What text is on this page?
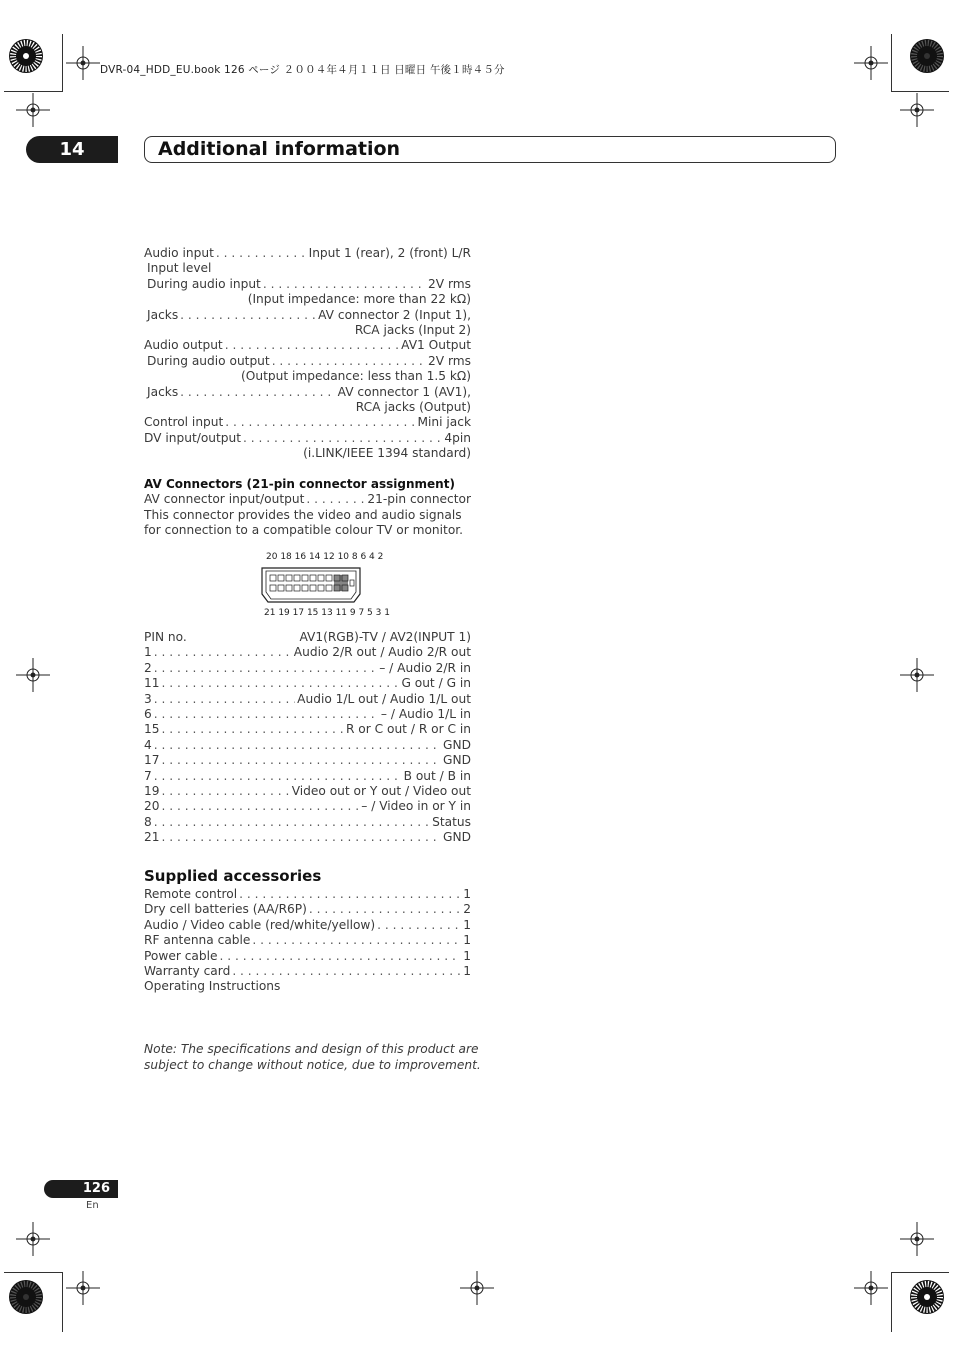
DVR-04_HDD_EU.book 126 ページ ２００４年４月１１日 日曜日 午後１時４５分
14	Additional information
Audio input . . .	Input 1 (rear), 2 (front) L/R
Input level
During audio input . . .	2V rms
(Input impedance: more than 22 kΩ)
Jacks . . .	AV connector 2 (Input 1),
RCA jacks (Input 2)
Audio output . . .	AV1 Output
During audio output . . .	2V rms
(Output impedance: less than 1.5 kΩ)
Jacks . . .	AV connector 1 (AV1),
RCA jacks (Output)
Control input . . .	Mini jack
DV input/output . . .	4pin
(i.LINK/IEEE 1394 standard)
AV Connectors (21-pin connector assignment)
AV connector input/output . . .	21-pin connector
This connector provides the video and audio signals for connection to a compatible colour TV or monitor.
20 18 16 14 12 10 8 6 4 2
21 19 17 15 13 11 9 7 5 3 1
PIN no.	AV1(RGB)-TV / AV2(INPUT 1)
1 . . .	Audio 2/R out / Audio 2/R out
2 . . .	– / Audio 2/R in
11 . . .	G out / G in
3 . . .	Audio 1/L out / Audio 1/L out
6 . . .	– / Audio 1/L in
15 . . .	R or C out / R or C in
4 . . .	GND
17 . . .	GND
7 . . .	B out / B in
19 . . .	Video out or Y out / Video out
20 . . .	– / Video in or Y in
8 . . .	Status
21 . . .	GND
Supplied accessories
Remote control . . .	1
Dry cell batteries (AA/R6P) . . .	2
Audio / Video cable (red/white/yellow) . . .	1
RF antenna cable . . .	1
Power cable . . .	1
Warranty card . . .	1
Operating Instructions
Note: The specifications and design of this product are subject to change without notice, due to improvement.
126
En
